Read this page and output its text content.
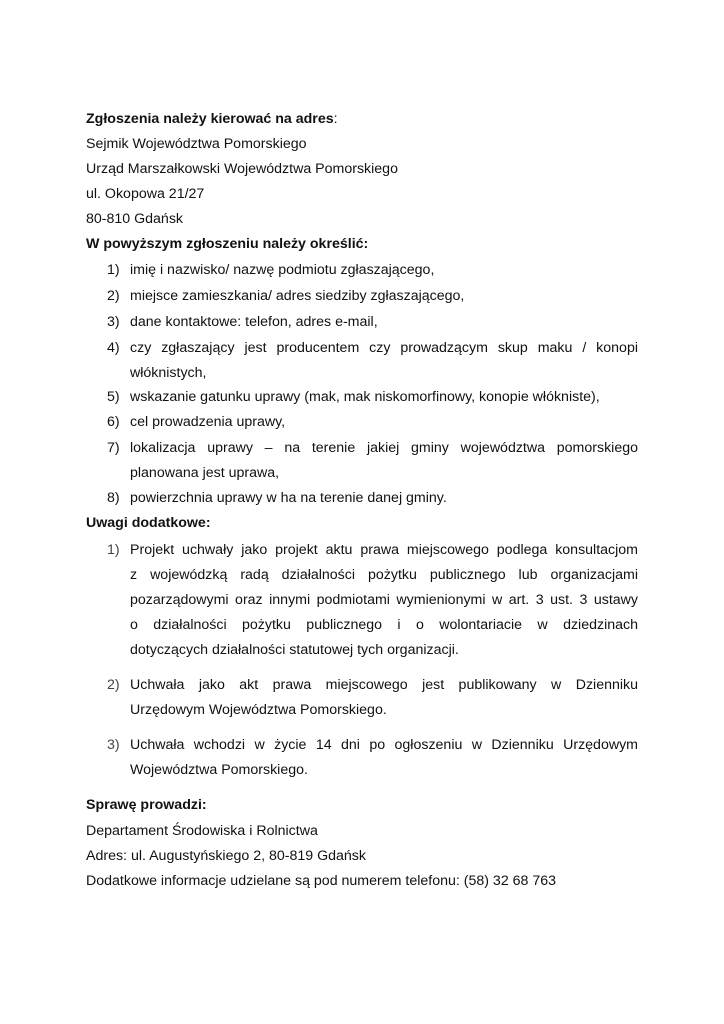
Zgłoszenia należy kierować na adres:
Sejmik Województwa Pomorskiego
Urząd Marszałkowski Województwa Pomorskiego
ul. Okopowa 21/27
80-810 Gdańsk
W powyższym zgłoszeniu należy określić:
1) imię i nazwisko/ nazwę podmiotu zgłaszającego,
2) miejsce zamieszkania/ adres siedziby zgłaszającego,
3) dane kontaktowe: telefon, adres e-mail,
4) czy zgłaszający jest producentem czy prowadzącym skup maku / konopi
włóknistych,
5) wskazanie gatunku uprawy (mak, mak niskomorfinowy, konopie włókniste),
6) cel prowadzenia uprawy,
7) lokalizacja uprawy – na terenie jakiej gminy województwa pomorskiego
planowana jest uprawa,
8) powierzchnia uprawy w ha na terenie danej gminy.
Uwagi dodatkowe:
1) Projekt uchwały jako projekt aktu prawa miejscowego podlega konsultacjom
z wojewódzką radą działalności pożytku publicznego lub organizacjami
pozarządowymi oraz innymi podmiotami wymienionymi w art. 3 ust. 3 ustawy
o działalności pożytku publicznego i o wolontariacie w dziedzinach
dotyczących działalności statutowej tych organizacji.
2) Uchwała jako akt prawa miejscowego jest publikowany w Dzienniku
Urzędowym Województwa Pomorskiego.
3) Uchwała wchodzi w życie 14 dni po ogłoszeniu w Dzienniku Urzędowym
Województwa Pomorskiego.
Sprawę prowadzi:
Departament Środowiska i Rolnictwa
Adres: ul. Augustyńskiego 2, 80-819 Gdańsk
Dodatkowe informacje udzielane są pod numerem telefonu: (58) 32 68 763
